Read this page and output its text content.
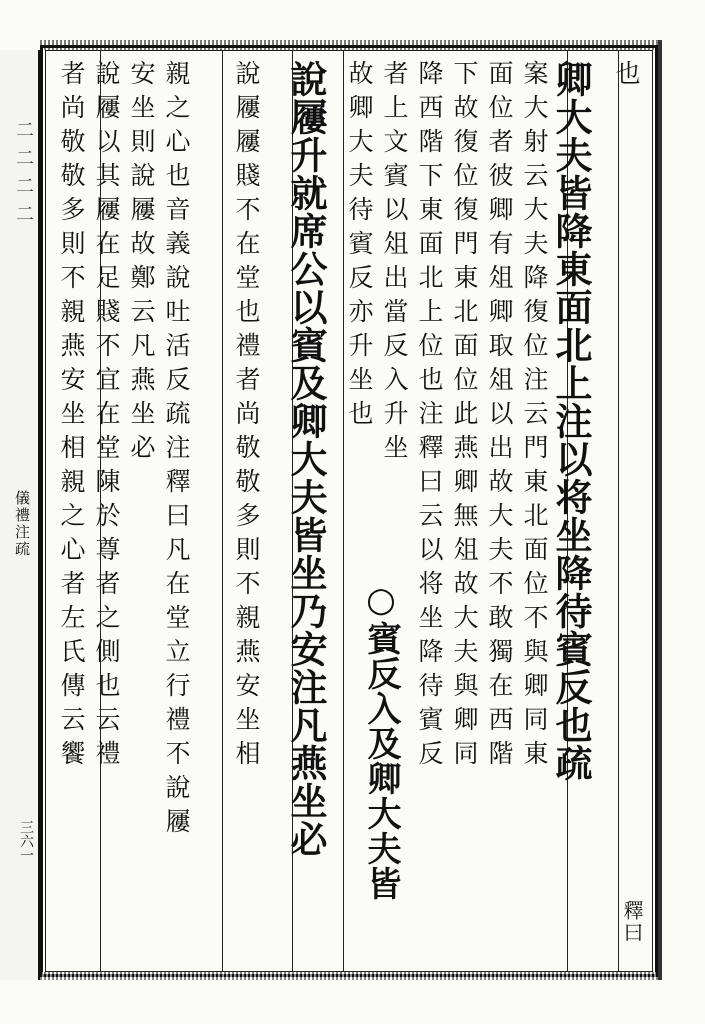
二二二二
儀禮注疏
三六一
也
卿大夫皆降東面北上注以将坐降待賓反也疏
案大射云大夫降復位注云門東北面位不與卿同東
面位者彼卿有俎卿取俎以出故大夫不敢獨在西階
下故復位復門東北面位此燕卿無俎故大夫與卿同
降西階下東面北上位也注釋曰云以将坐降待賓反
者上文賓以俎出當反入升坐
故卿大夫待賓反亦升坐也
說屨升就席公以賓及卿大夫皆坐乃安注凡燕坐必
說屨屨賤不在堂也禮者尚敬敬多則不親燕安坐相
親之心也音義說吐活反疏注釋曰凡在堂立行禮不說屨
安坐則說屨故鄭云凡燕坐必
說屨以其屨在足賤不宜在堂陳於尊者之側也云禮
者尚敬敬多則不親燕安坐相親之心者左氏傳云饗
釋曰
○賓反入及卿大夫皆
